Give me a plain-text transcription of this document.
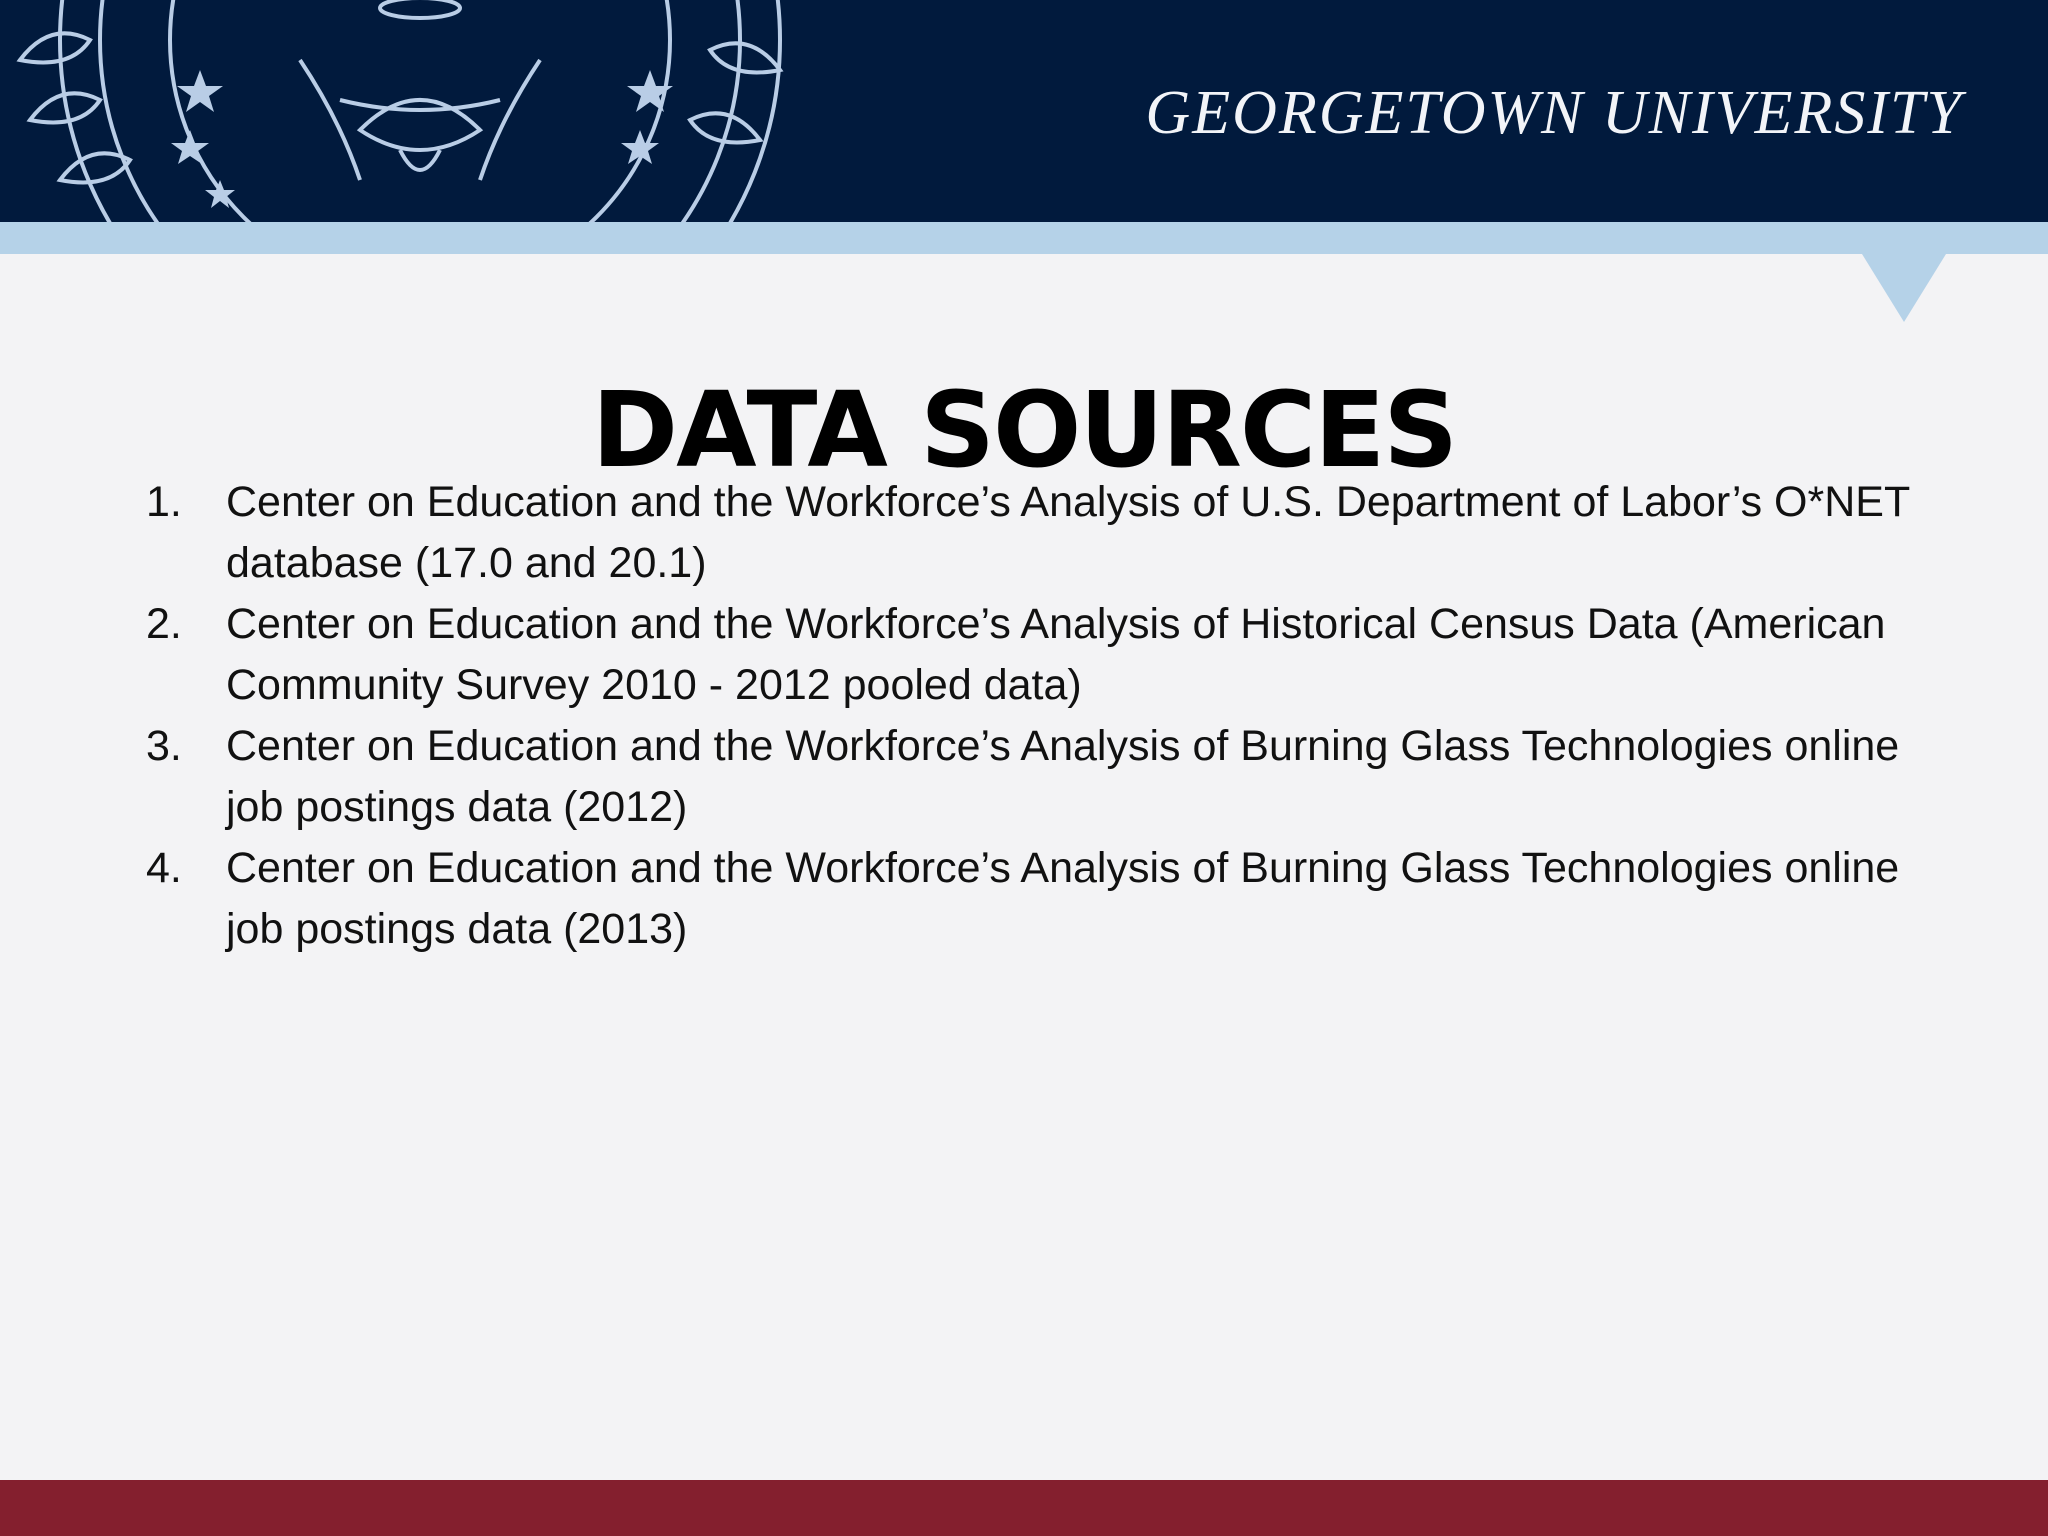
GEORGETOWN UNIVERSITY
DATA SOURCES
1. Center on Education and the Workforce’s Analysis of U.S. Department of Labor’s O*NET database (17.0 and 20.1)
2. Center on Education and the Workforce’s Analysis of Historical Census Data (American Community Survey 2010 - 2012 pooled data)
3. Center on Education and the Workforce’s Analysis of Burning Glass Technologies online job postings data (2012)
4. Center on Education and the Workforce’s Analysis of Burning Glass Technologies online job postings data (2013)
